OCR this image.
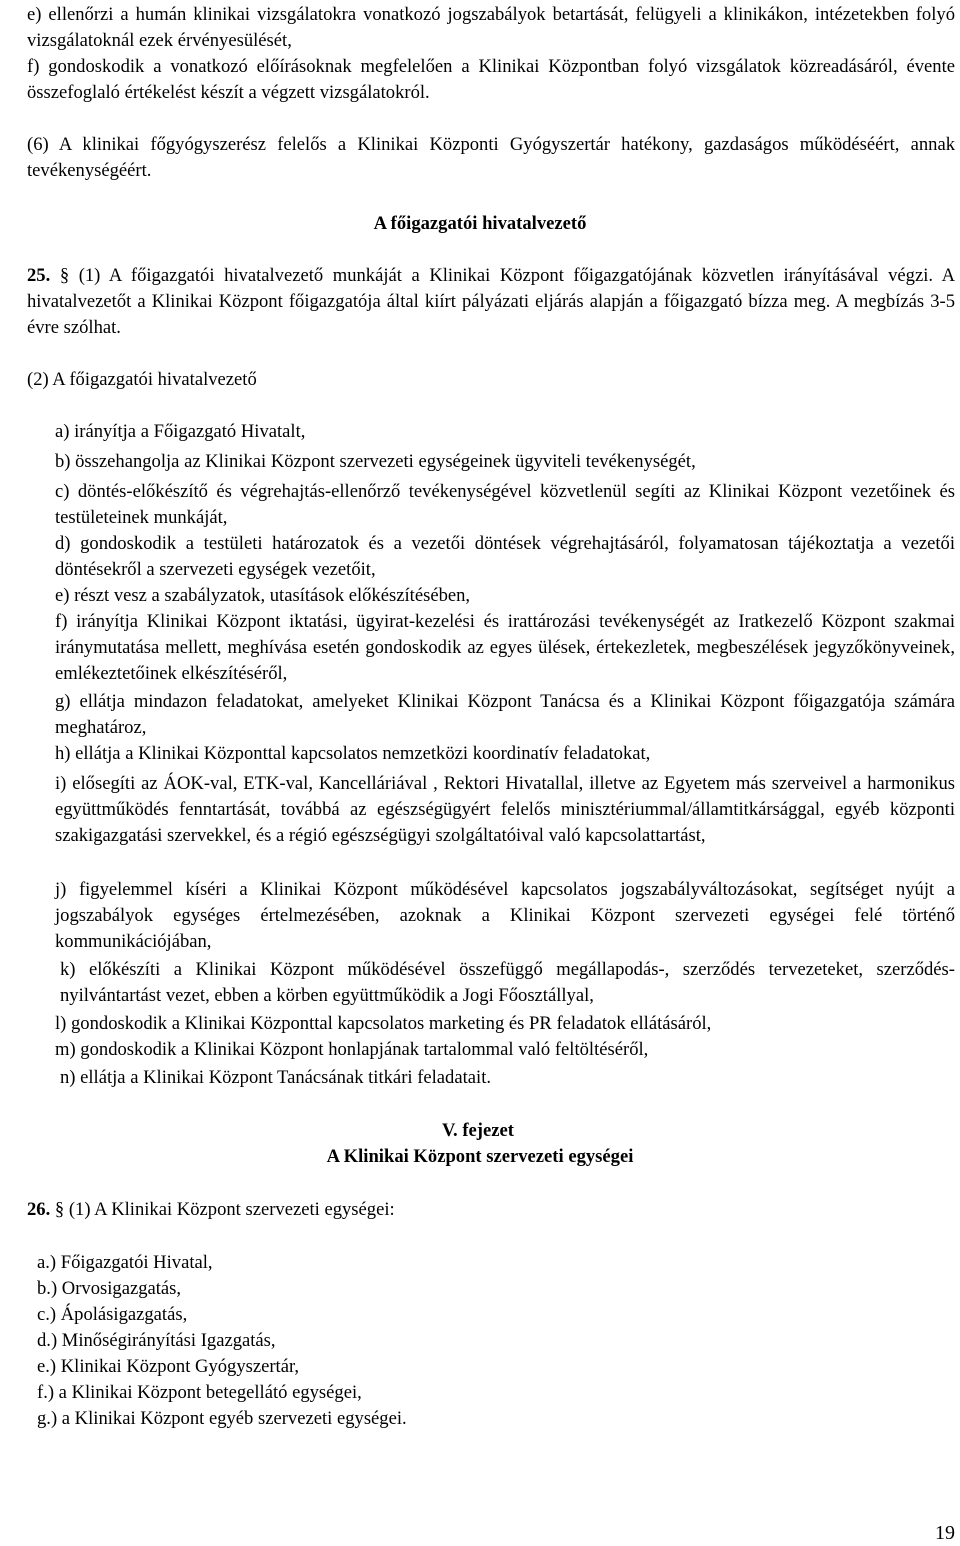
e) ellenőrzi a humán klinikai vizsgálatokra vonatkozó jogszabályok betartását, felügyeli a klinikákon, intézetekben folyó vizsgálatoknál ezek érvényesülését,

f) gondoskodik a vonatkozó előírásoknak megfelelően a Klinikai Központban folyó vizsgálatok közreadásáról, évente összefoglaló értékelést készít a végzett vizsgálatokról.

(6) A klinikai főgyógyszerész felelős a Klinikai Központi Gyógyszertár hatékony, gazdaságos működéséért, annak tevékenységéért.

A főigazgatói hivatalvezető

25. § (1) A főigazgatói hivatalvezető munkáját a Klinikai Központ főigazgatójának közvetlen irányításával végzi. A hivatalvezetőt a Klinikai Központ főigazgatója által kiírt pályázati eljárás alapján a főigazgató bízza meg. A megbízás 3-5 évre szólhat.

(2) A főigazgatói hivatalvezető

a) irányítja a Főigazgató Hivatalt,

b) összehangolja az Klinikai Központ szervezeti egységeinek ügyviteli tevékenységét,

c) döntés-előkészítő és végrehajtás-ellenőrző tevékenységével közvetlenül segíti az Klinikai Központ vezetőinek és testületeinek munkáját,

d) gondoskodik a testületi határozatok és a vezetői döntések végrehajtásáról, folyamatosan tájékoztatja a vezetői döntésekről a szervezeti egységek vezetőit,

e) részt vesz a szabályzatok, utasítások előkészítésében,

f) irányítja Klinikai Központ iktatási, ügyirat-kezelési és irattározási tevékenységét az Iratkezelő Központ szakmai iránymutatása mellett, meghívása esetén gondoskodik az egyes ülések, értekezletek, megbeszélések jegyzőkönyveinek, emlékeztetőinek elkészítéséről,

g) ellátja mindazon feladatokat, amelyeket Klinikai Központ Tanácsa és a Klinikai Központ főigazgatója számára meghatároz,

h) ellátja a Klinikai Központtal kapcsolatos nemzetközi koordinatív feladatokat,

i) elősegíti az ÁOK-val, ETK-val, Kancelláriával , Rektori Hivatallal, illetve az Egyetem más szerveivel a harmonikus együttműködés fenntartását, továbbá az egészségügyért felelős minisztériummal/államtitkársággal, egyéb központi szakigazgatási szervekkel, és a régió egészségügyi szolgáltatóival való kapcsolattartást,

j) figyelemmel kíséri a Klinikai Központ működésével kapcsolatos jogszabályváltozásokat, segítséget nyújt a jogszabályok egységes értelmezésében, azoknak a Klinikai Központ szervezeti egységei felé történő kommunikációjában,

k) előkészíti a Klinikai Központ működésével összefüggő megállapodás-, szerződés tervezeteket, szerződés-nyilvántartást vezet, ebben a körben együttműködik a Jogi Főosztállyal,

l) gondoskodik a Klinikai Központtal kapcsolatos marketing és PR feladatok ellátásáról,

m) gondoskodik a Klinikai Központ honlapjának tartalommal való feltöltéséről,

n) ellátja a Klinikai Központ Tanácsának titkári feladatait.

V. fejezet

A Klinikai Központ szervezeti egységei

26. § (1) A Klinikai Központ szervezeti egységei:

a.) Főigazgatói Hivatal,
b.) Orvosigazgatás,
c.) Ápolásigazgatás,
d.) Minőségirányítási Igazgatás,
e.) Klinikai Központ Gyógyszertár,
f.) a Klinikai Központ betegellátó egységei,
g.) a Klinikai Központ egyéb szervezeti egységei.
19
